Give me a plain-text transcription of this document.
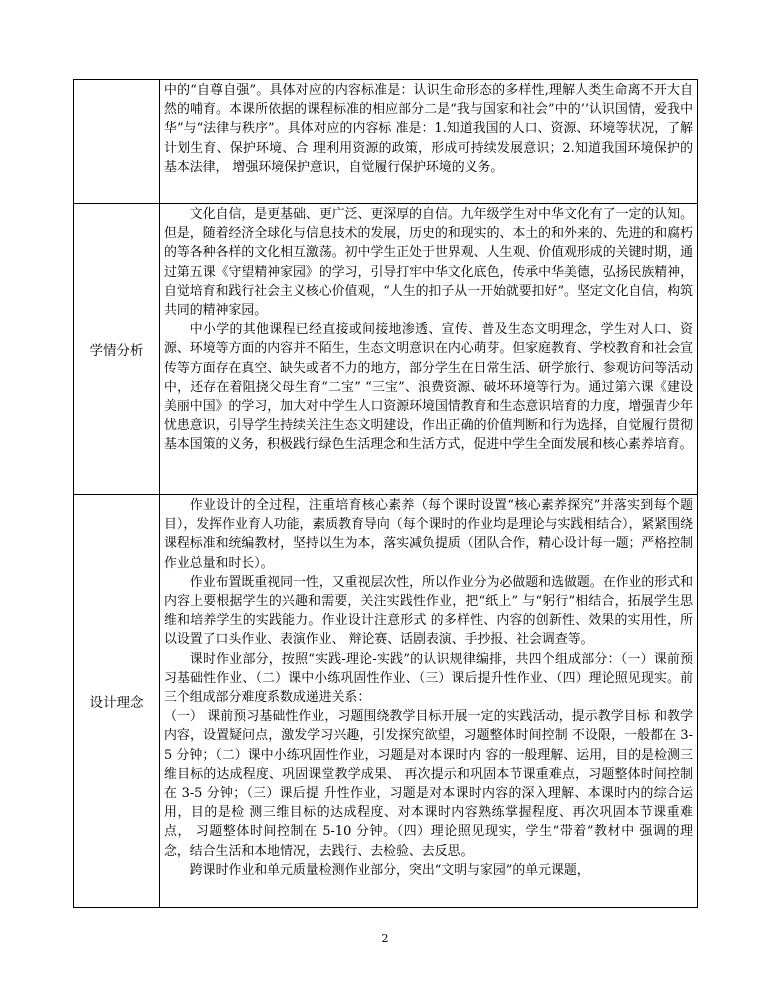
	中的“自尊自强”。具体对应的内容标准是：认识生命形态的多样性,理解人类生命离不开大自然的哺育。本课所依据的课程标准的相应部分二是“我与国家和社会”中的’’认识国情，爱我中华”与“法律与秩序”。具体对应的内容标 准是：1.知道我国的人口、资源、环境等状况，了解计划生育、保护环境、合 理利用资源的政策，形成可持续发展意识；2.知道我国环境保护的基本法律， 增强环境保护意识，自觉履行保护环境的义务。

学情分析	文化自信，是更基础、更广泛、更深厚的自信。九年级学生对中华文化有了一定的认知。但是，随着经济全球化与信息技术的发展，历史的和现实的、本土的和外来的、先进的和腐朽的等各种各样的文化相互激荡。初中学生正处于世界观、人生观、价值观形成的关键时期，通过第五课《守望精神家园》的学习，引导打牢中华文化底色，传承中华美德，弘扬民族精神，自觉培育和践行社会主义核心价值观，“人生的扣子从一开始就要扣好”。坚定文化自信，构筑共同的精神家园。

中小学的其他课程已经直接或间接地渗透、宣传、普及生态文明理念，学生对人口、资源、环境等方面的内容并不陌生，生态文明意识在内心萌芽。但家庭教育、学校教育和社会宣传等方面存在真空、缺失或者不力的地方，部分学生在日常生活、研学旅行、参观访问等活动中，还存在着阻挠父母生育“二宝” “三宝”、浪费资源、破坏环境等行为。通过第六课《建设美丽中国》的学习，加大对中学生人口资源环境国情教育和生态意识培育的力度，增强青少年忧患意识，引导学生持续关注生态文明建设，作出正确的价值判断和行为选择，自觉履行贯彻基本国策的义务，积极践行绿色生活理念和生活方式，促进中学生全面发展和核心素养培育。

设计理念	作业设计的全过程，注重培育核心素养（每个课时设置“核心素养探究”并落实到每个题目），发挥作业育人功能，素质教育导向（每个课时的作业均是理论与实践相结合），紧紧围绕课程标准和统编教材，坚持以生为本，落实减负提质（团队合作，精心设计每一题；严格控制作业总量和时长）。

作业布置既重视同一性，又重视层次性，所以作业分为必做题和选做题。在作业的形式和内容上要根据学生的兴趣和需要，关注实践性作业，把“纸上” 与“躬行”相结合，拓展学生思维和培养学生的实践能力。作业设计注意形式 的多样性、内容的创新性、效果的实用性，所以设置了口头作业、表演作业、 辩论赛、话剧表演、手抄报、社会调查等。

课时作业部分，按照“实践-理论-实践”的认识规律编排，共四个组成部分：（一）课前预习基础性作业、（二）课中小练巩固性作业、（三）课后提升性作业、（四）理论照见现实。前三个组成部分难度系数成递进关系：

（一） 课前预习基础性作业，习题围绕教学目标开展一定的实践活动，提示教学目标 和教学内容，设置疑问点，激发学习兴趣，引发探究欲望，习题整体时间控制 不设限，一般都在 3-5 分钟；（二）课中小练巩固性作业，习题是对本课时内 容的一般理解、运用，目的是检测三维目标的达成程度、巩固课堂教学成果、 再次提示和巩固本节课重难点，习题整体时间控制在 3-5 分钟；（三）课后提 升性作业，习题是对本课时内容的深入理解、本课时内的综合运用，目的是检 测三维目标的达成程度、对本课时内容熟练掌握程度、再次巩固本节课重难点， 习题整体时间控制在 5-10 分钟。（四）理论照见现实，学生“带着”教材中 强调的理念，结合生活和本地情况，去践行、去检验、去反思。

跨课时作业和单元质量检测作业部分，突出“文明与家园”的单元课题，

2
